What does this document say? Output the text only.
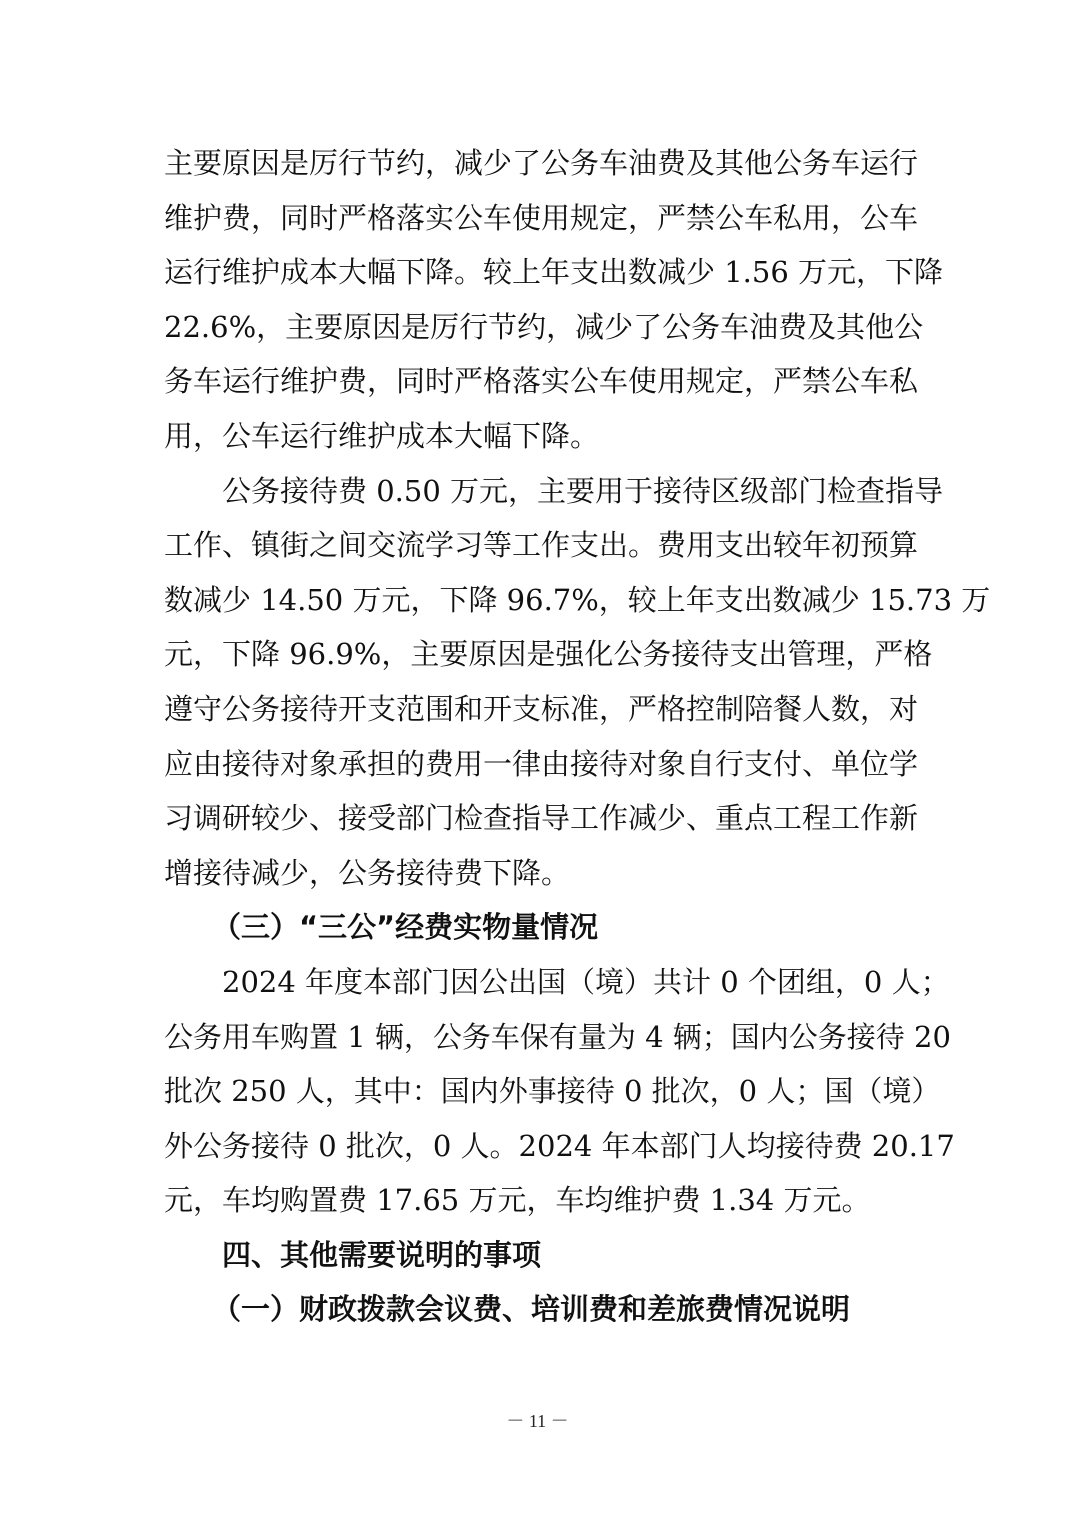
主要原因是厉行节约，减少了公务车油费及其他公务车运行
维护费，同时严格落实公车使用规定，严禁公车私用，公车
运行维护成本大幅下降。较上年支出数减少 1.56 万元，下降
22.6%，主要原因是厉行节约，减少了公务车油费及其他公
务车运行维护费，同时严格落实公车使用规定，严禁公车私
用，公车运行维护成本大幅下降。
公务接待费 0.50 万元，主要用于接待区级部门检查指导
工作、镇街之间交流学习等工作支出。费用支出较年初预算
数减少 14.50 万元，下降 96.7%，较上年支出数减少 15.73 万
元，下降 96.9%，主要原因是强化公务接待支出管理，严格
遵守公务接待开支范围和开支标准，严格控制陪餐人数，对
应由接待对象承担的费用一律由接待对象自行支付、单位学
习调研较少、接受部门检查指导工作减少、重点工程工作新
增接待减少，公务接待费下降。
（三）“三公”经费实物量情况
2024 年度本部门因公出国（境）共计 0 个团组，0 人；
公务用车购置 1 辆，公务车保有量为 4 辆；国内公务接待 20
批次 250 人，其中：国内外事接待 0 批次，0 人；国（境）
外公务接待 0 批次，0 人。2024 年本部门人均接待费 20.17
元，车均购置费 17.65 万元，车均维护费 1.34 万元。
四、其他需要说明的事项
（一）财政拨款会议费、培训费和差旅费情况说明
－ 11 －
